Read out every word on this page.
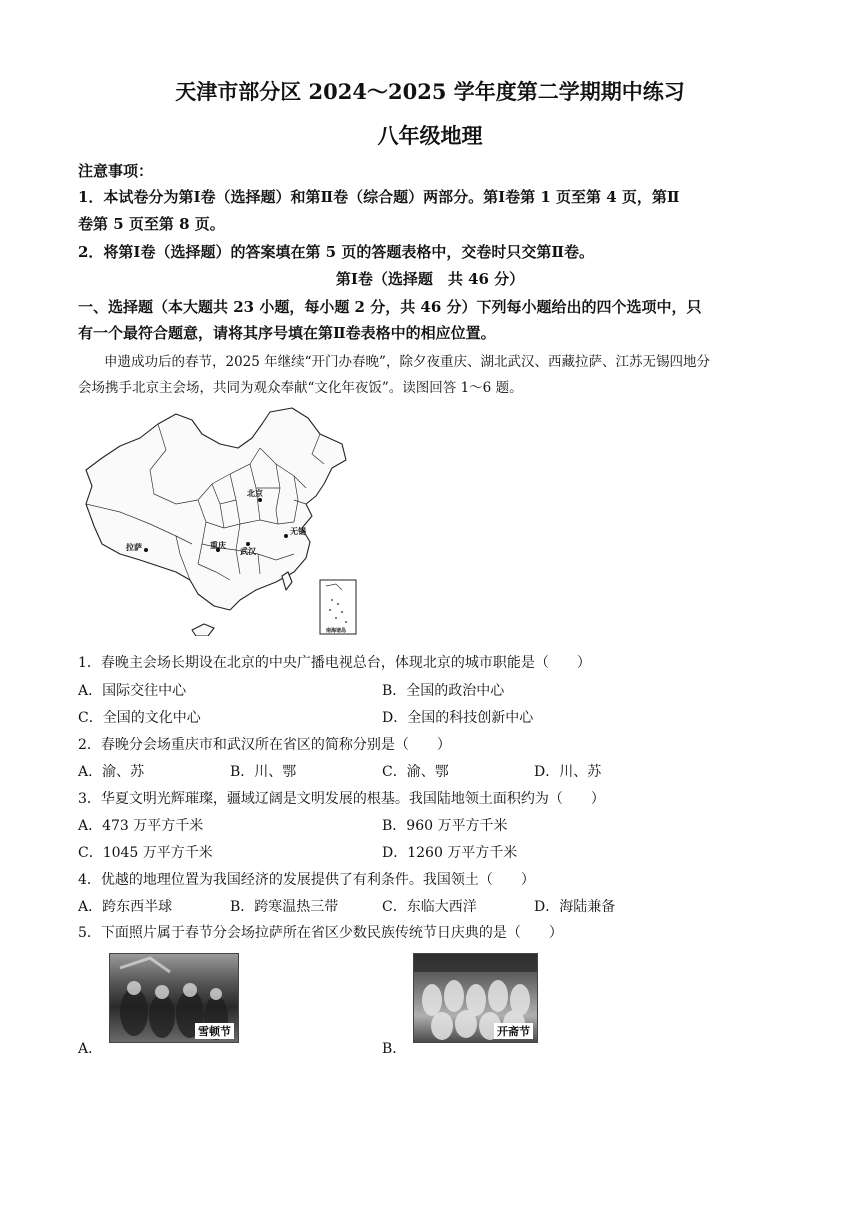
天津市部分区 2024～2025 学年度第二学期期中练习
八年级地理
注意事项：
1．本试卷分为第Ⅰ卷（选择题）和第Ⅱ卷（综合题）两部分。第Ⅰ卷第 1 页至第 4 页，第Ⅱ
卷第 5 页至第 8 页。
2．将第Ⅰ卷（选择题）的答案填在第 5 页的答题表格中，交卷时只交第Ⅱ卷。
第Ⅰ卷（选择题　共 46 分）
一、选择题（本大题共 23 小题，每小题 2 分，共 46 分）下列每小题给出的四个选项中，只
有一个最符合题意，请将其序号填在第Ⅱ卷表格中的相应位置。
申遗成功后的春节，2025 年继续“开门办春晚”，除夕夜重庆、湖北武汉、西藏拉萨、江苏无锡四地分
会场携手北京主会场，共同为观众奉献“文化年夜饭”。读图回答 1～6 题。
北京
拉萨	重庆
武汉
无锡
南海诸岛
1．春晚主会场长期设在北京的中央广播电视总台，体现北京的城市职能是（　　）
A．国际交往中心	B．全国的政治中心
C．全国的文化中心	D．全国的科技创新中心
2．春晚分会场重庆市和武汉所在省区的简称分别是（　　）
A．渝、苏	B．川、鄂	C．渝、鄂	D．川、苏
3．华夏文明光辉璀璨，疆域辽阔是文明发展的根基。我国陆地领土面积约为（　　）
A．473 万平方千米	B．960 万平方千米
C．1045 万平方千米	D．1260 万平方千米
4．优越的地理位置为我国经济的发展提供了有利条件。我国领土（　　）
A．跨东西半球	B．跨寒温热三带	C．东临大西洋	D．海陆兼备
5．下面照片属于春节分会场拉萨所在省区少数民族传统节日庆典的是（　　）
A．
雪顿节
B．
开斋节
